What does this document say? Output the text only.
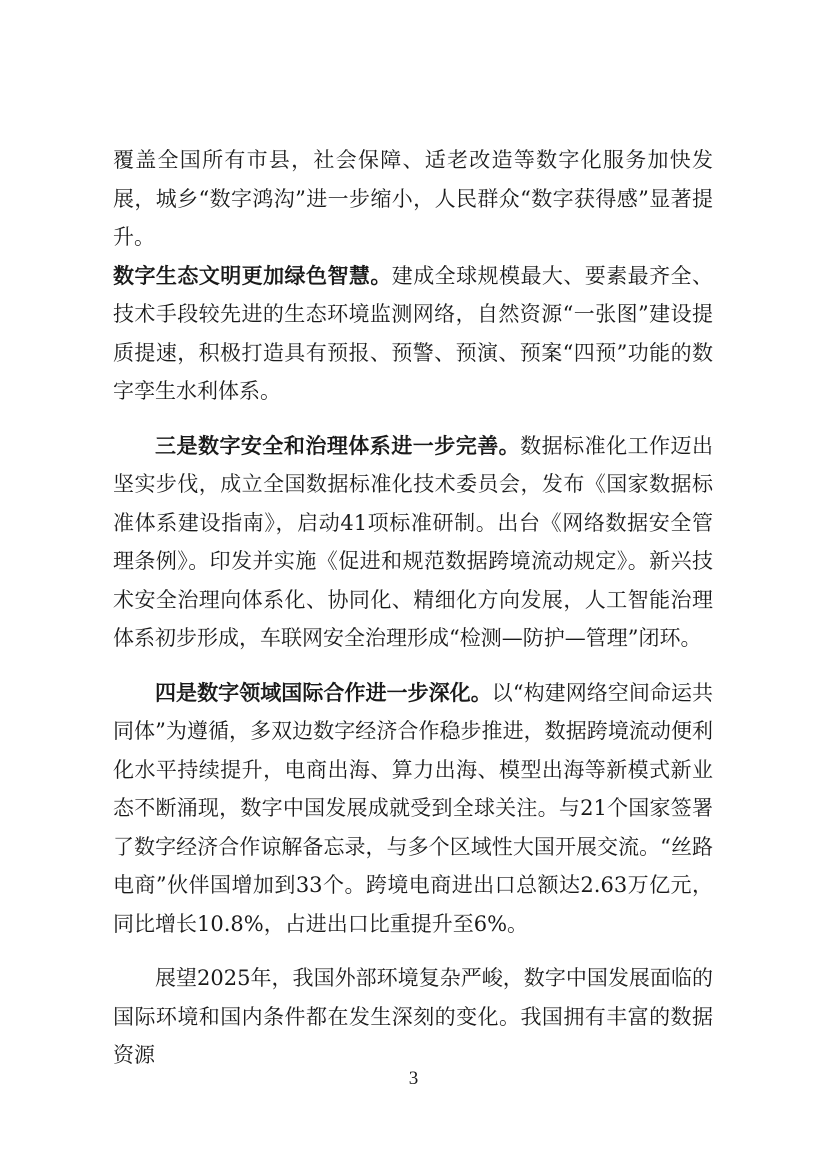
覆盖全国所有市县，社会保障、适老改造等数字化服务加快发展，城乡“数字鸿沟”进一步缩小，人民群众“数字获得感”显著提升。

数字生态文明更加绿色智慧。建成全球规模最大、要素最齐全、技术手段较先进的生态环境监测网络，自然资源“一张图”建设提质提速，积极打造具有预报、预警、预演、预案“四预”功能的数字孪生水利体系。

三是数字安全和治理体系进一步完善。数据标准化工作迈出坚实步伐，成立全国数据标准化技术委员会，发布《国家数据标准体系建设指南》，启动41项标准研制。出台《网络数据安全管理条例》。印发并实施《促进和规范数据跨境流动规定》。新兴技术安全治理向体系化、协同化、精细化方向发展，人工智能治理体系初步形成，车联网安全治理形成“检测—防护—管理”闭环。

四是数字领域国际合作进一步深化。以“构建网络空间命运共同体”为遵循，多双边数字经济合作稳步推进，数据跨境流动便利化水平持续提升，电商出海、算力出海、模型出海等新模式新业态不断涌现，数字中国发展成就受到全球关注。与21个国家签署了数字经济合作谅解备忘录，与多个区域性大国开展交流。“丝路电商”伙伴国增加到33个。跨境电商进出口总额达2.63万亿元，同比增长10.8%，占进出口比重提升至6%。

展望2025年，我国外部环境复杂严峻，数字中国发展面临的国际环境和国内条件都在发生深刻的变化。我国拥有丰富的数据资源

3
